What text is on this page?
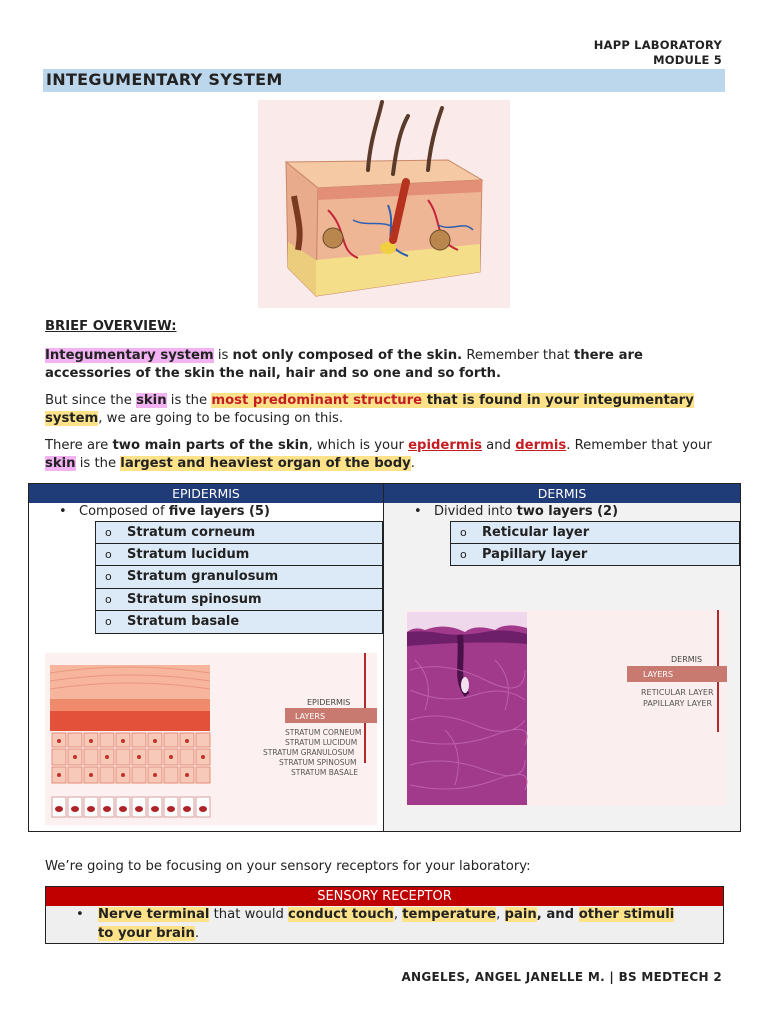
HAPP LABORATORY
MODULE 5
INTEGUMENTARY SYSTEM
BRIEF OVERVIEW:

Integumentary system is not only composed of the skin. Remember that there are accessories of the skin the nail, hair and so one and so forth.

But since the skin is the most predominant structure that is found in your integumentary system, we are going to be focusing on this.

There are two main parts of the skin, which is your epidermis and dermis. Remember that your skin is the largest and heaviest organ of the body.

EPIDERMIS
• Composed of five layers (5)
o Stratum corneum
o Stratum lucidum
o Stratum granulosum
o Stratum spinosum
o Stratum basale
DERMIS
• Divided into two layers (2)
o Reticular layer
o Papillary layer
EPIDERMIS
LAYERS
STRATUM CORNEUM
STRATUM LUCIDUM
STRATUM GRANULOSUM
STRATUM SPINOSUM
STRATUM BASALE
DERMIS
LAYERS
RETICULAR LAYER
PAPILLARY LAYER
We’re going to be focusing on your sensory receptors for your laboratory:
SENSORY RECEPTOR
• Nerve terminal that would conduct touch, temperature, pain, and other stimuli to your brain.
ANGELES, ANGEL JANELLE M. | BS MEDTECH 2
